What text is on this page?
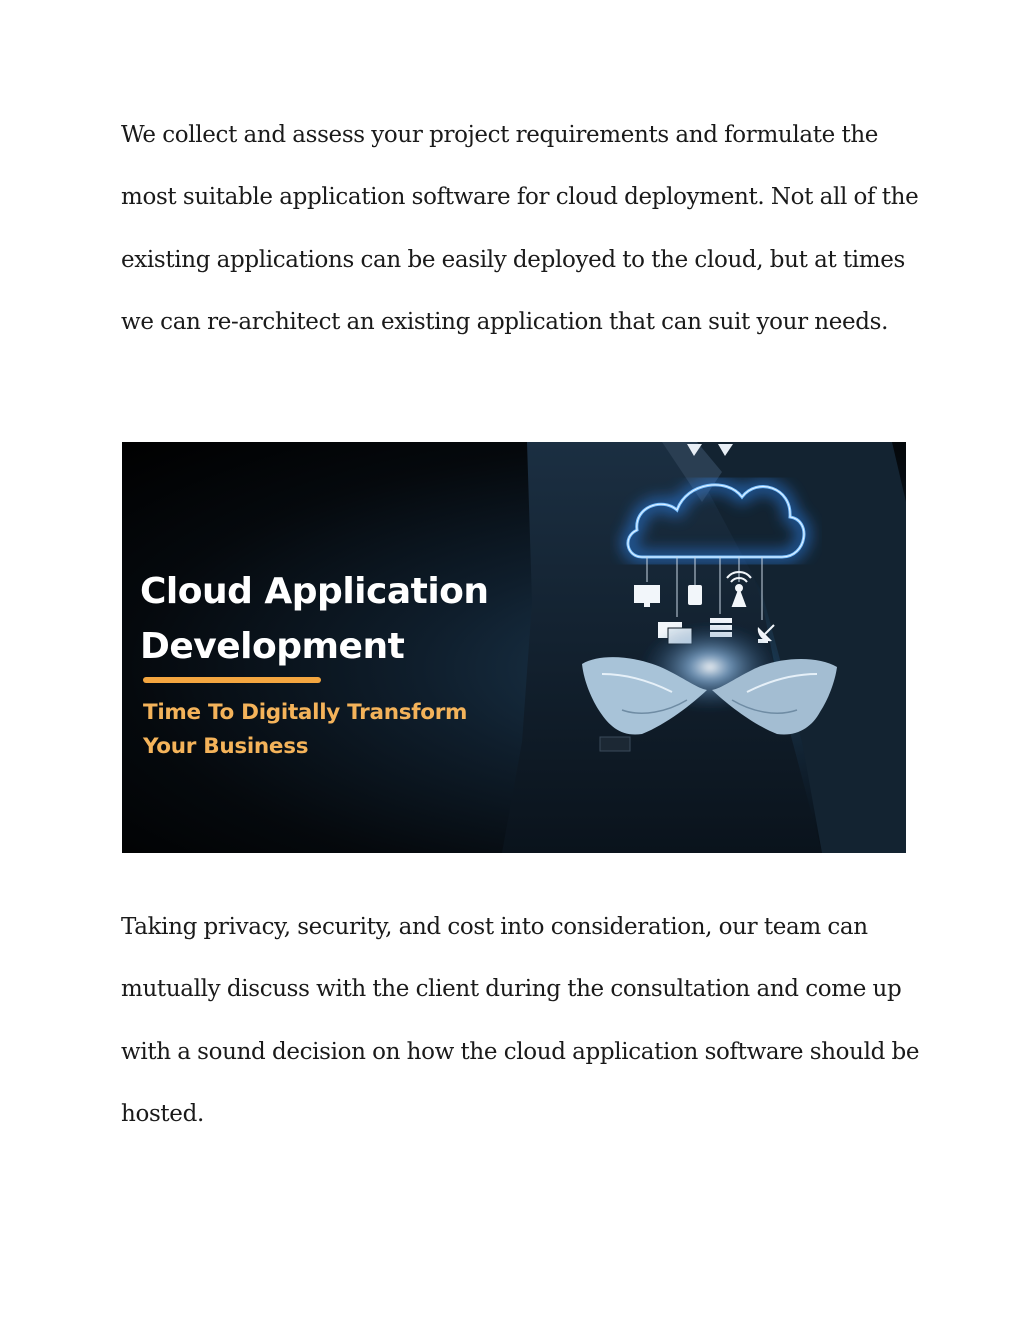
We collect and assess your project requirements and formulate the
most suitable application software for cloud deployment. Not all of the
existing applications can be easily deployed to the cloud, but at times
we can re-architect an existing application that can suit your needs.

Cloud Application
Development
Time To Digitally Transform
Your Business

Taking privacy, security, and cost into consideration, our team can
mutually discuss with the client during the consultation and come up
with a sound decision on how the cloud application software should be
hosted.
